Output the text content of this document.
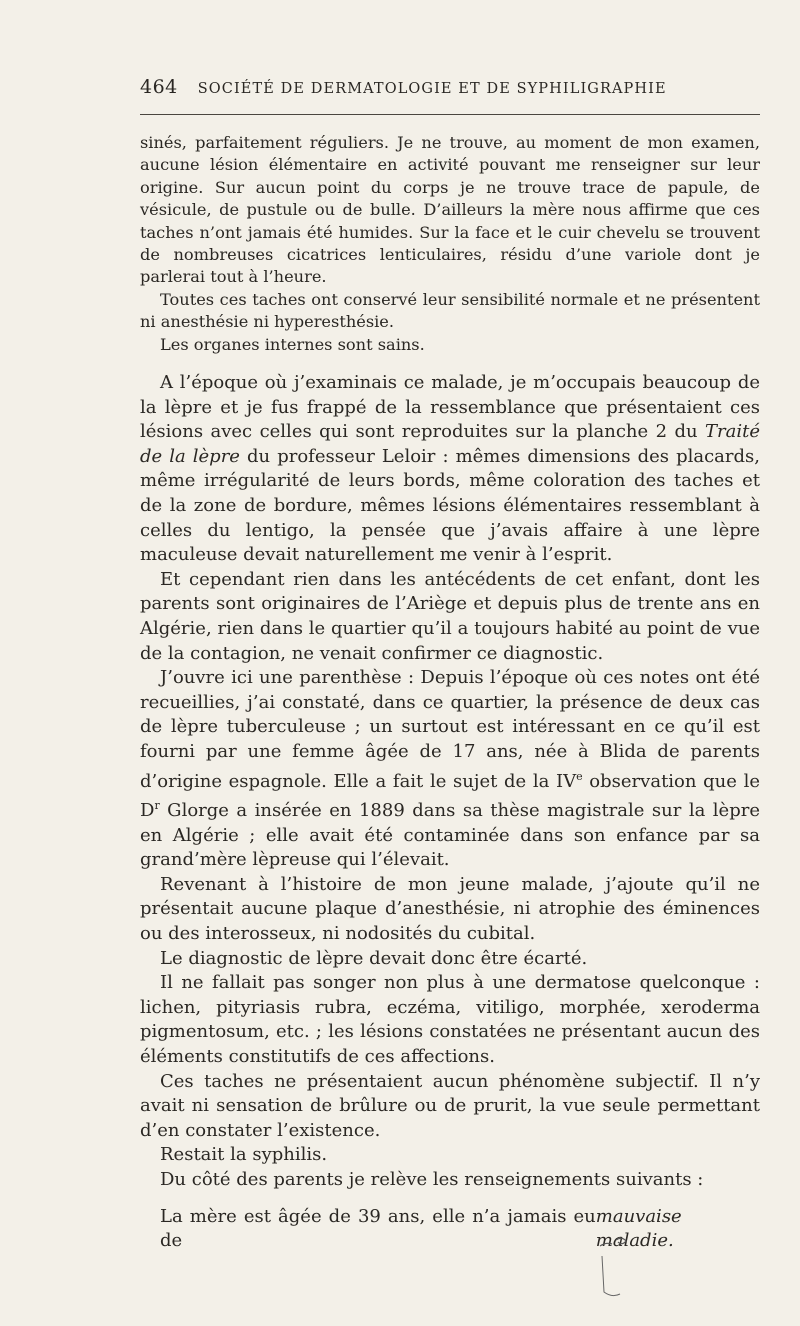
464 SOCIÉTÉ DE DERMATOLOGIE ET DE SYPHILIGRAPHIE

sinés, parfaitement réguliers. Je ne trouve, au moment de mon examen, aucune lésion élémentaire en activité pouvant me renseigner sur leur origine. Sur aucun point du corps je ne trouve trace de papule, de vésicule, de pustule ou de bulle. D’ailleurs la mère nous affirme que ces taches n’ont jamais été humides. Sur la face et le cuir chevelu se trouvent de nombreuses cicatrices lenticulaires, résidu d’une variole dont je parlerai tout à l’heure.

Toutes ces taches ont conservé leur sensibilité normale et ne présentent ni anesthésie ni hyperesthésie.

Les organes internes sont sains.

A l’époque où j’examinais ce malade, je m’occupais beaucoup de la lèpre et je fus frappé de la ressemblance que présentaient ces lésions avec celles qui sont reproduites sur la planche 2 du Traité de la lèpre du professeur Leloir : mêmes dimensions des placards, même irrégularité de leurs bords, même coloration des taches et de la zone de bordure, mêmes lésions élémentaires ressemblant à celles du lentigo, la pensée que j’avais affaire à une lèpre maculeuse devait naturellement me venir à l’esprit.

Et cependant rien dans les antécédents de cet enfant, dont les parents sont originaires de l’Ariège et depuis plus de trente ans en Algérie, rien dans le quartier qu’il a toujours habité au point de vue de la contagion, ne venait confirmer ce diagnostic.

J’ouvre ici une parenthèse : Depuis l’époque où ces notes ont été recueillies, j’ai constaté, dans ce quartier, la présence de deux cas de lèpre tuberculeuse ; un surtout est intéressant en ce qu’il est fourni par une femme âgée de 17 ans, née à Blida de parents d’origine espagnole. Elle a fait le sujet de la IVe observation que le $D^r$ Glorge a insérée en 1889 dans sa thèse magistrale sur la lèpre en Algérie ; elle avait été contaminée dans son enfance par sa grand’mère lèpreuse qui l’élevait.

Revenant à l’histoire de mon jeune malade, j’ajoute qu’il ne présentait aucune plaque d’anesthésie, ni atrophie des éminences ou des interosseux, ni nodosités du cubital.

Le diagnostic de lèpre devait donc être écarté.

Il ne fallait pas songer non plus à une dermatose quelconque : lichen, pityriasis rubra, eczéma, vitiligo, morphée, xeroderma pigmentosum, etc. ; les lésions constatées ne présentant aucun des éléments constitutifs de ces affections.

Ces taches ne présentaient aucun phénomène subjectif. Il n’y avait ni sensation de brûlure ou de prurit, la vue seule permettant d’en constater l’existence.

Restait la syphilis.

Du côté des parents je relève les renseignements suivants :

La mère est âgée de 39 ans, elle n’a jamais eu de
mauvaise maladie.
